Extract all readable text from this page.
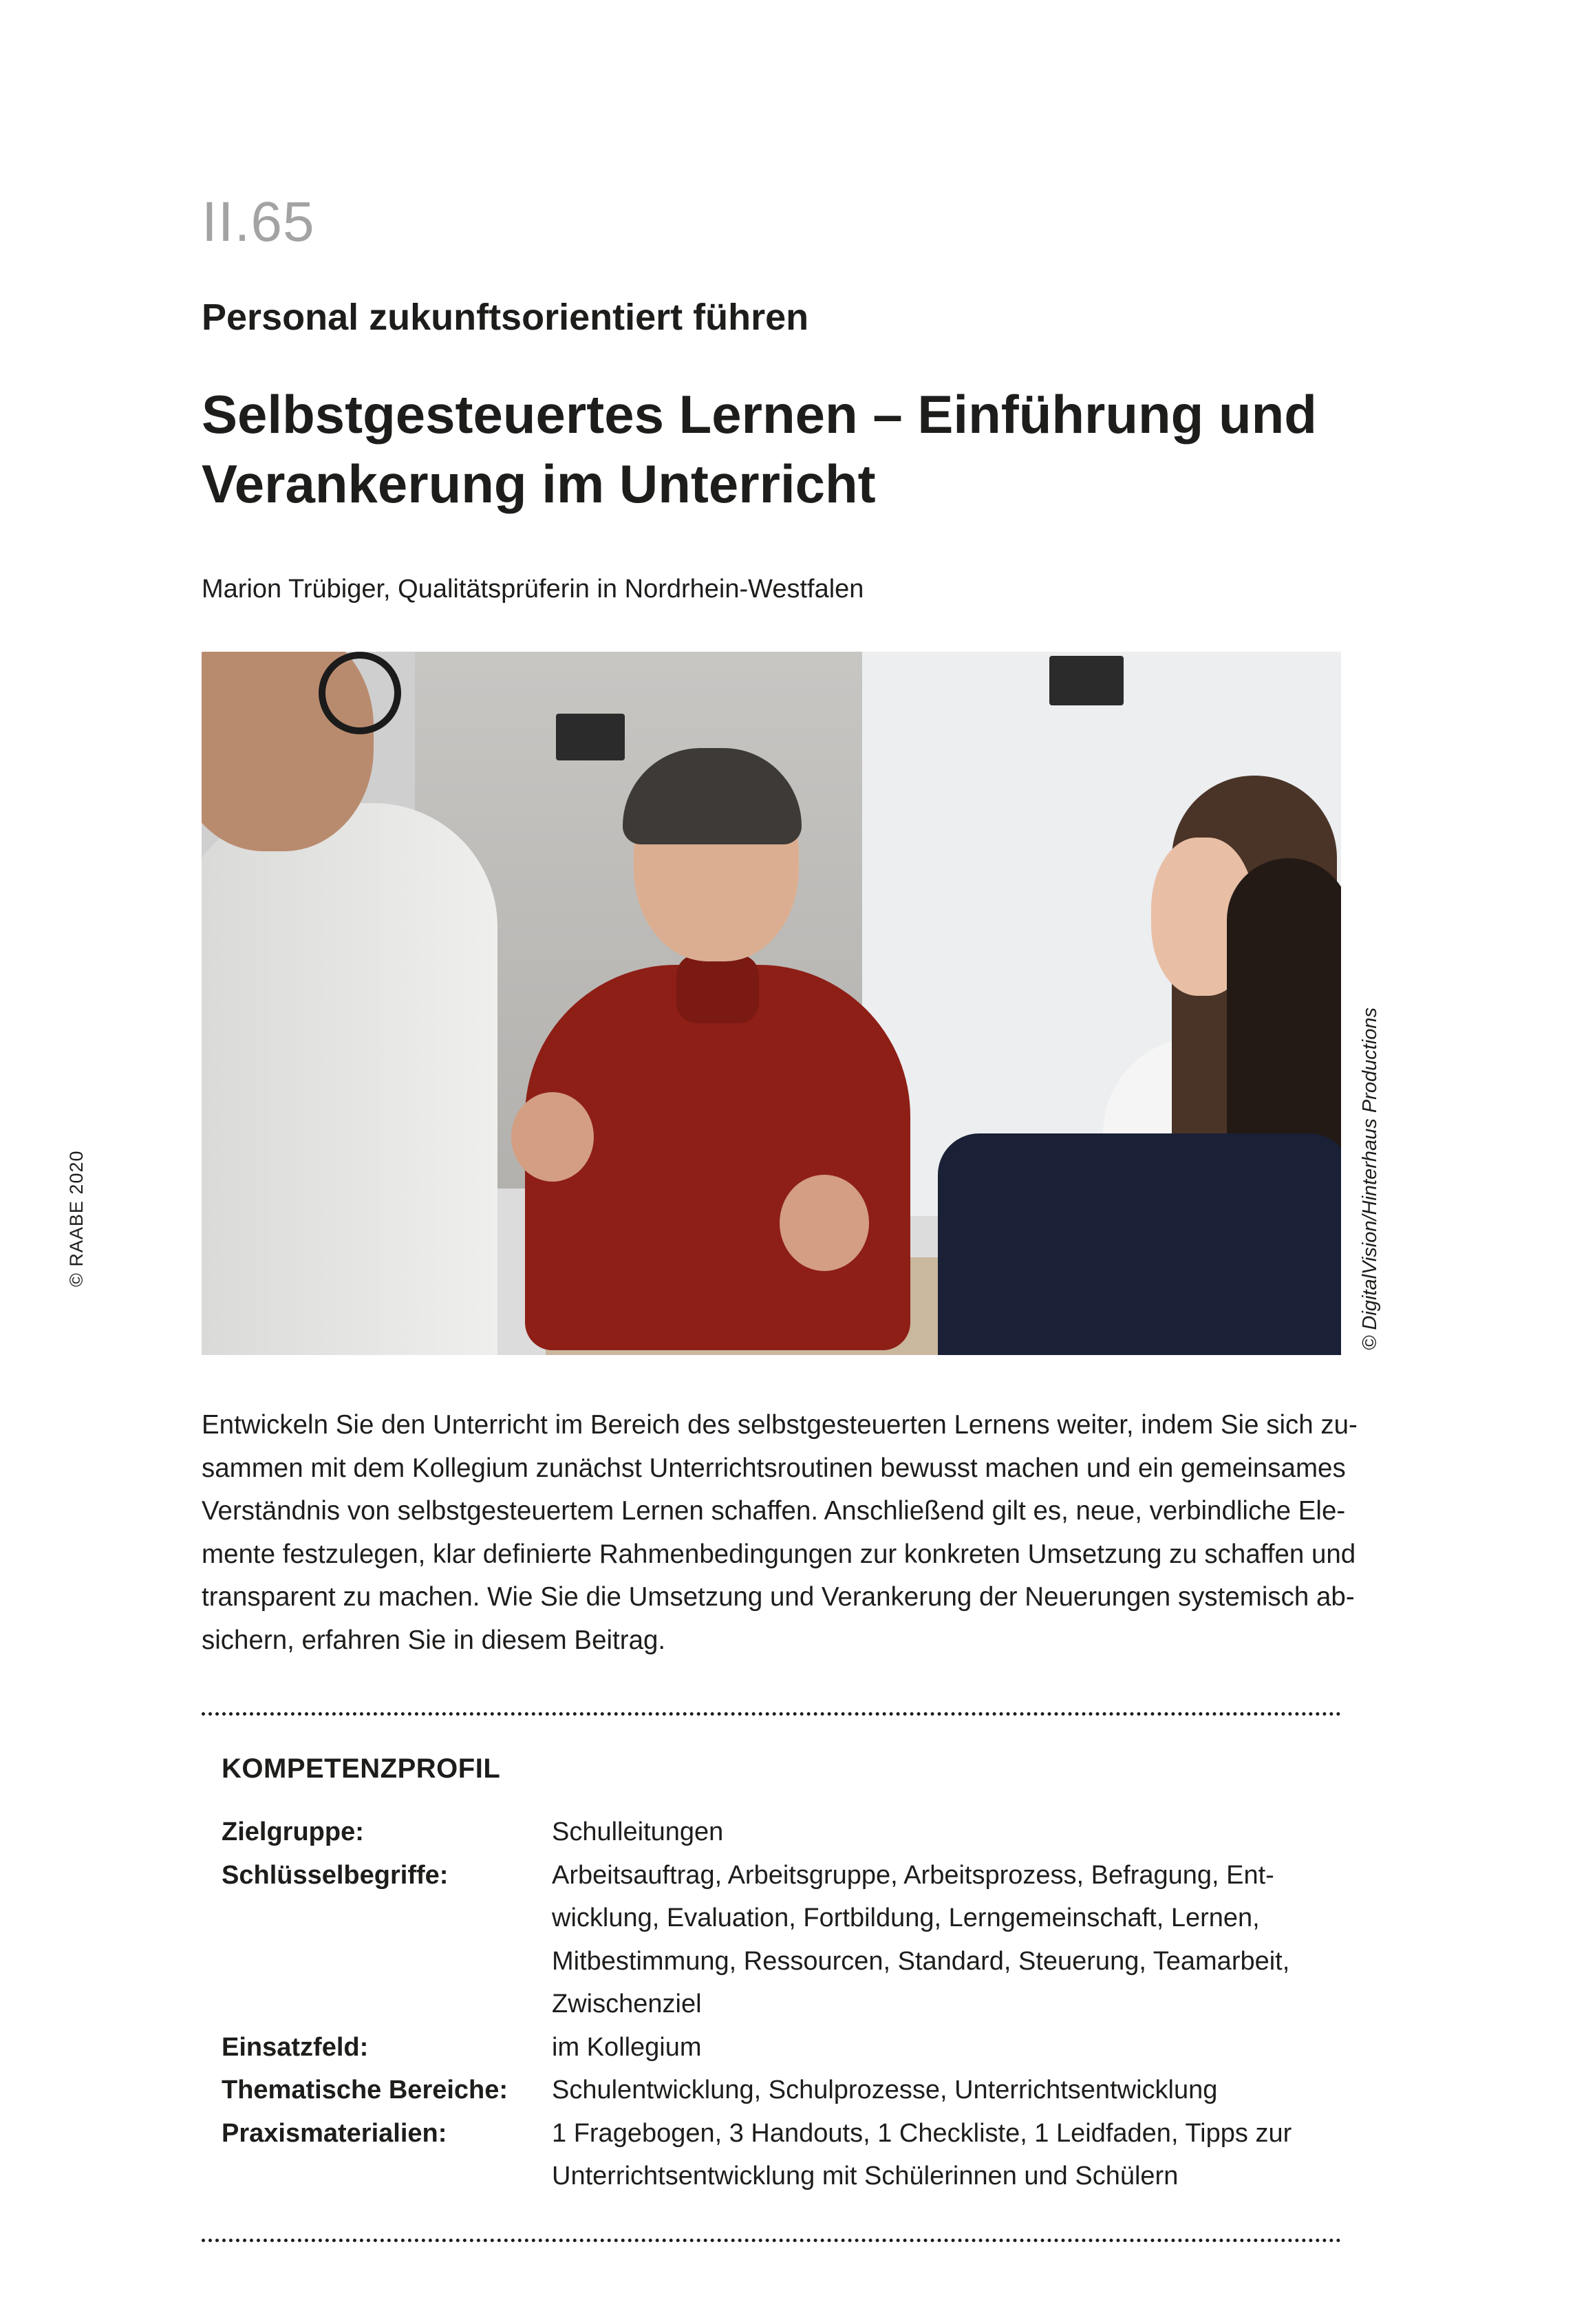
II.65
Personal zukunftsorientiert führen
Selbstgesteuertes Lernen – Einführung und
Verankerung im Unterricht
Marion Trübiger, Qualitätsprüferin in Nordrhein-Westfalen
© RAABE 2020	© DigitalVision/Hinterhaus Productions
Entwickeln Sie den Unterricht im Bereich des selbstgesteuerten Lernens weiter, indem Sie sich zu-
sammen mit dem Kollegium zunächst Unterrichtsroutinen bewusst machen und ein gemeinsames
Verständnis von selbstgesteuertem Lernen schaffen. Anschließend gilt es, neue, verbindliche Ele-
mente festzulegen, klar definierte Rahmenbedingungen zur konkreten Umsetzung zu schaffen und
transparent zu machen. Wie Sie die Umsetzung und Verankerung der Neuerungen systemisch ab-
sichern, erfahren Sie in diesem Beitrag.
KOMPETENZPROFIL
Zielgruppe:	Schulleitungen
Schlüsselbegriffe:	Arbeitsauftrag, Arbeitsgruppe, Arbeitsprozess, Befragung, Ent-
wicklung, Evaluation, Fortbildung, Lerngemeinschaft, Lernen,
Mitbestimmung, Ressourcen, Standard, Steuerung, Teamarbeit,
Zwischenziel
Einsatzfeld:	im Kollegium
Thematische Bereiche:	Schulentwicklung, Schulprozesse, Unterrichtsentwicklung
Praxismaterialien:	1 Fragebogen, 3 Handouts, 1 Checkliste, 1 Leidfaden, Tipps zur
Unterrichtsentwicklung mit Schülerinnen und Schülern
